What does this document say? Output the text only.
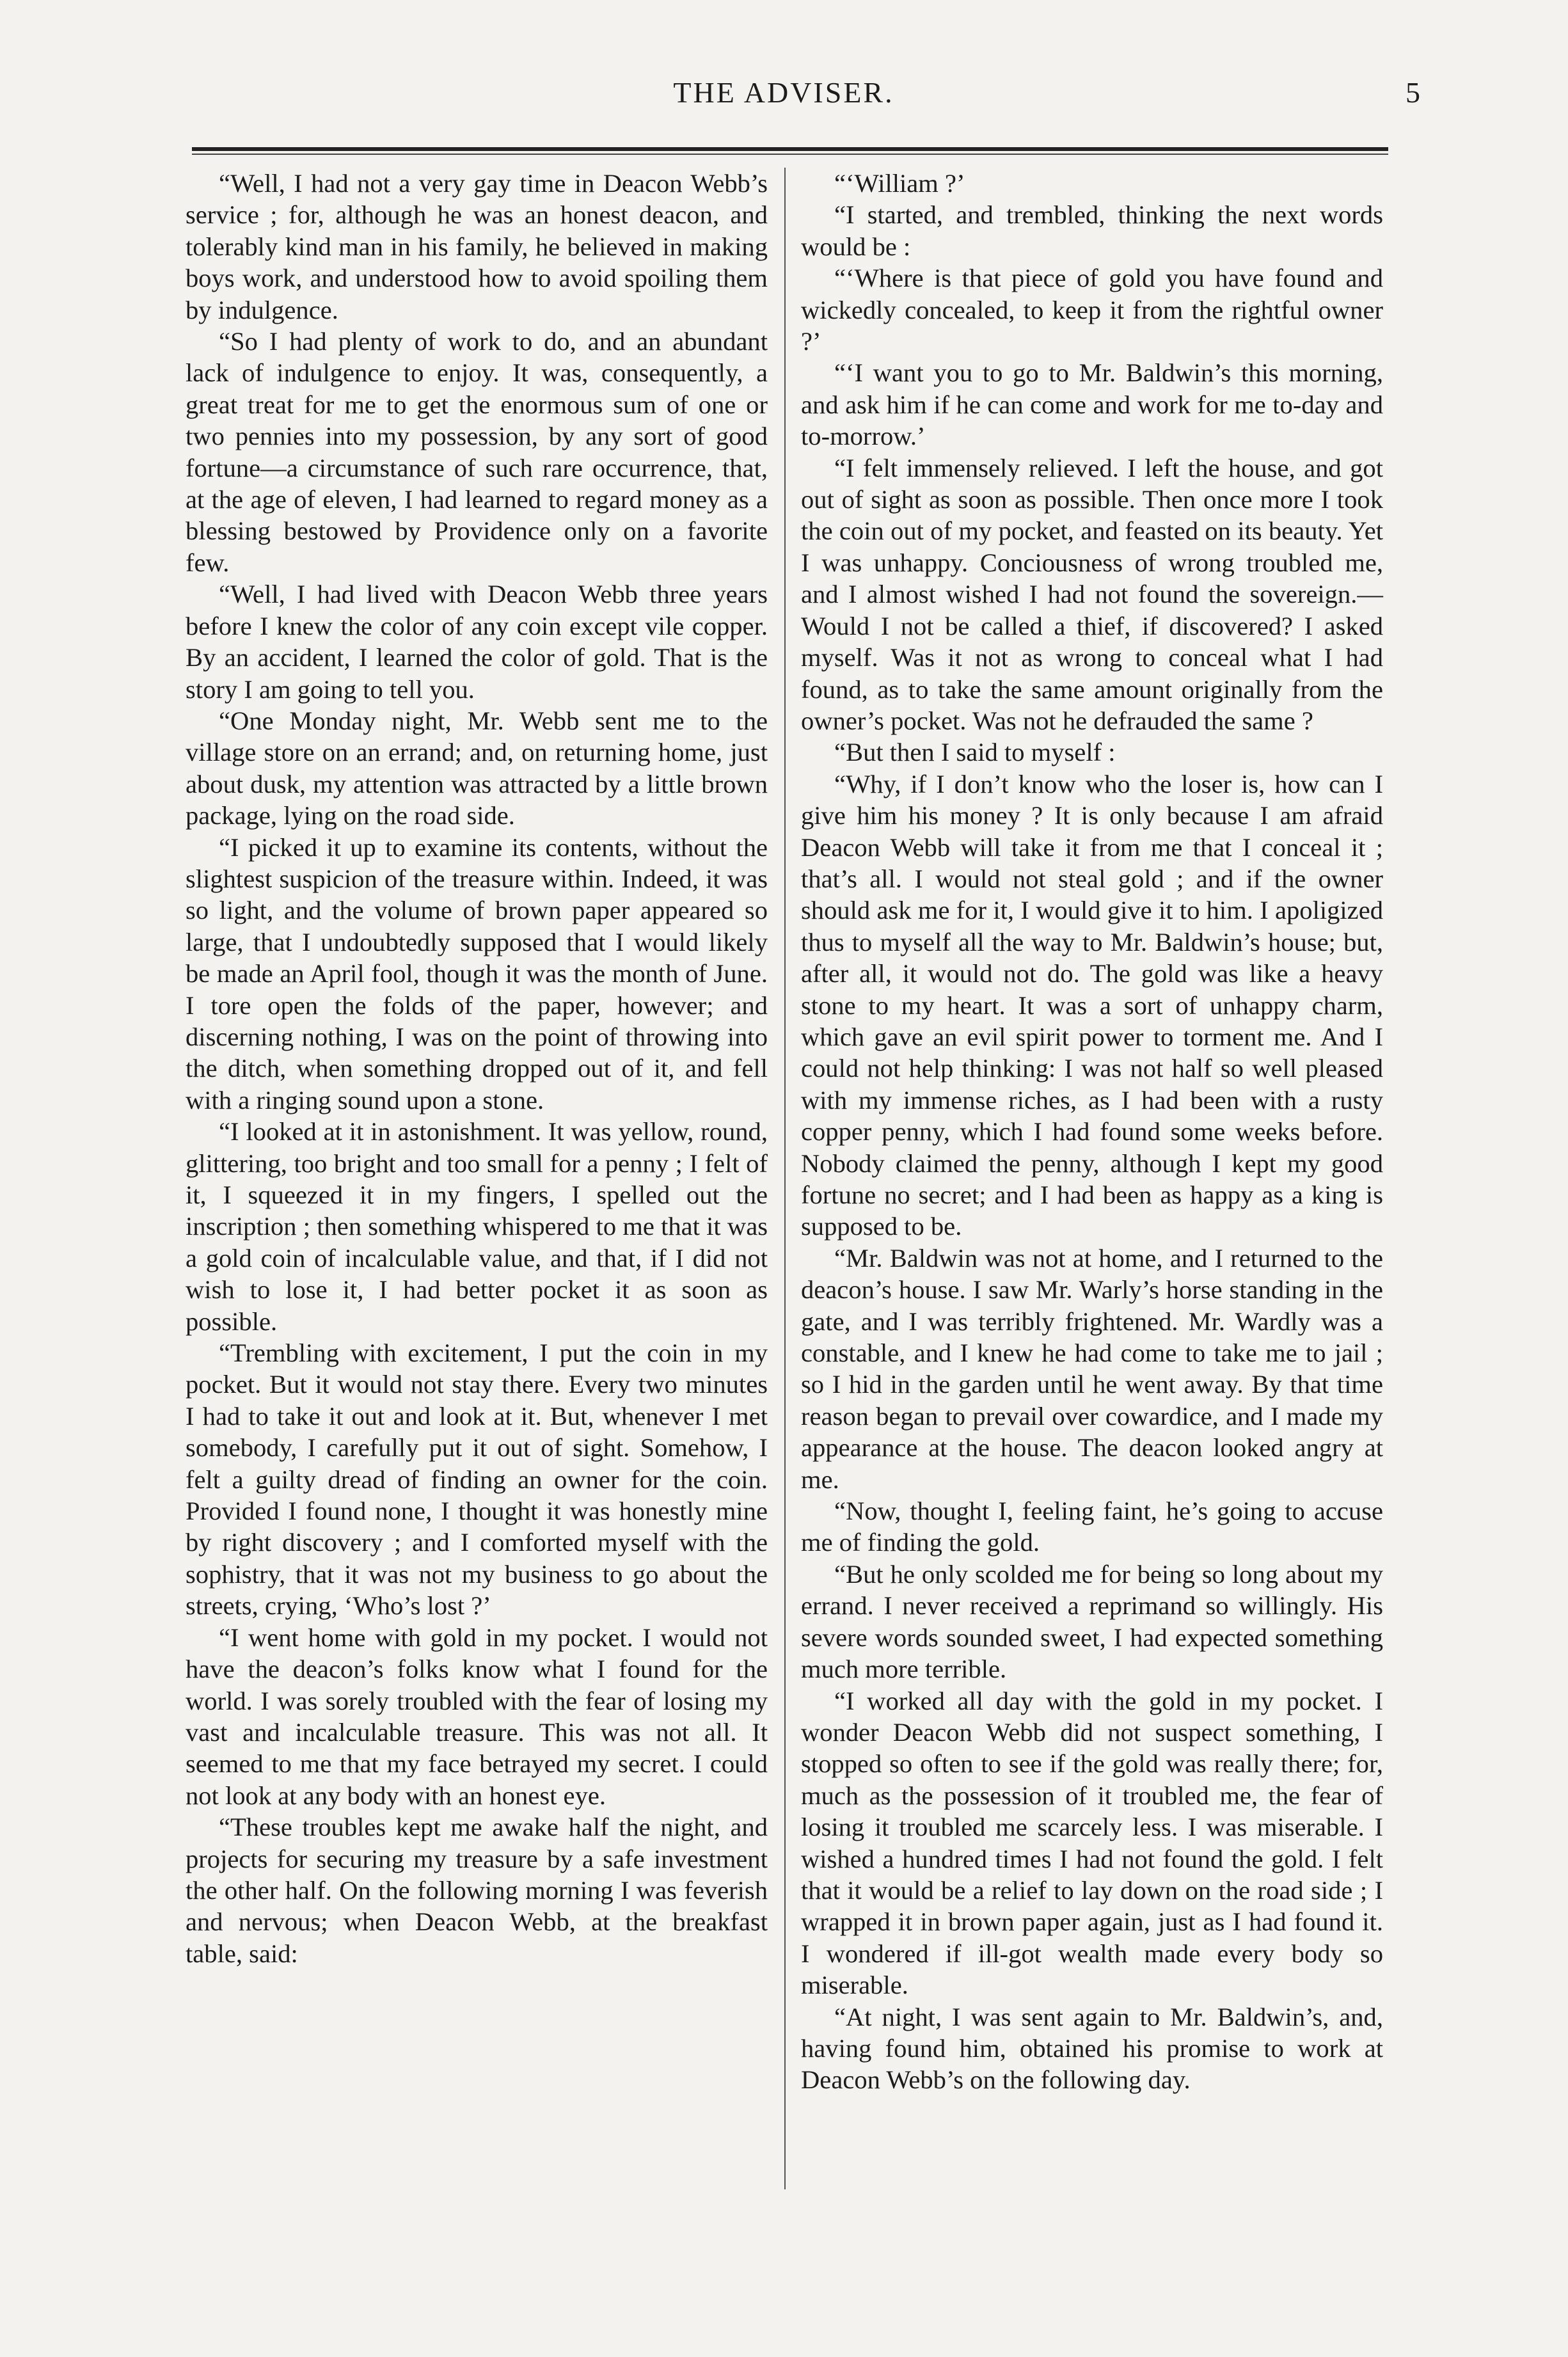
THE ADVISER.	5

“Well, I had not a very gay time in Deacon Webb’s service ; for, although he was an honest deacon, and tolerably kind man in his family, he believed in making boys work, and understood how to avoid spoiling them by indulgence.

“So I had plenty of work to do, and an abundant lack of indulgence to enjoy. It was, consequently, a great treat for me to get the enormous sum of one or two pennies into my possession, by any sort of good fortune—a circumstance of such rare occurrence, that, at the age of eleven, I had learned to regard money as a blessing bestowed by Providence only on a favorite few.

“Well, I had lived with Deacon Webb three years before I knew the color of any coin except vile copper. By an accident, I learned the color of gold. That is the story I am going to tell you.

“One Monday night, Mr. Webb sent me to the village store on an errand; and, on returning home, just about dusk, my attention was attracted by a little brown package, lying on the road side.

“I picked it up to examine its contents, without the slightest suspicion of the treasure within. Indeed, it was so light, and the volume of brown paper appeared so large, that I undoubtedly supposed that I would likely be made an April fool, though it was the month of June. I tore open the folds of the paper, however; and discerning nothing, I was on the point of throwing into the ditch, when something dropped out of it, and fell with a ringing sound upon a stone.

“I looked at it in astonishment. It was yellow, round, glittering, too bright and too small for a penny ; I felt of it, I squeezed it in my fingers, I spelled out the inscription ; then something whispered to me that it was a gold coin of incalculable value, and that, if I did not wish to lose it, I had better pocket it as soon as possible.

“Trembling with excitement, I put the coin in my pocket. But it would not stay there. Every two minutes I had to take it out and look at it. But, whenever I met somebody, I carefully put it out of sight. Somehow, I felt a guilty dread of finding an owner for the coin. Provided I found none, I thought it was honestly mine by right discovery ; and I comforted myself with the sophistry, that it was not my business to go about the streets, crying, ‘Who’s lost ?’

“I went home with gold in my pocket. I would not have the deacon’s folks know what I found for the world. I was sorely troubled with the fear of losing my vast and incalculable treasure. This was not all. It seemed to me that my face betrayed my secret. I could not look at any body with an honest eye.

“These troubles kept me awake half the night, and projects for securing my treasure by a safe investment the other half. On the following morning I was feverish and nervous; when Deacon Webb, at the breakfast table, said:

“‘William ?’

“I started, and trembled, thinking the next words would be :

“‘Where is that piece of gold you have found and wickedly concealed, to keep it from the rightful owner ?’

“‘I want you to go to Mr. Baldwin’s this morning, and ask him if he can come and work for me to-day and to-morrow.’

“I felt immensely relieved. I left the house, and got out of sight as soon as possible. Then once more I took the coin out of my pocket, and feasted on its beauty. Yet I was unhappy. Conciousness of wrong troubled me, and I almost wished I had not found the sovereign.—Would I not be called a thief, if discovered? I asked myself. Was it not as wrong to conceal what I had found, as to take the same amount originally from the owner’s pocket. Was not he defrauded the same ?

“But then I said to myself :

“Why, if I don’t know who the loser is, how can I give him his money ? It is only because I am afraid Deacon Webb will take it from me that I conceal it ; that’s all. I would not steal gold ; and if the owner should ask me for it, I would give it to him. I apoligized thus to myself all the way to Mr. Baldwin’s house; but, after all, it would not do. The gold was like a heavy stone to my heart. It was a sort of unhappy charm, which gave an evil spirit power to torment me. And I could not help thinking: I was not half so well pleased with my immense riches, as I had been with a rusty copper penny, which I had found some weeks before. Nobody claimed the penny, although I kept my good fortune no secret; and I had been as happy as a king is supposed to be.

“Mr. Baldwin was not at home, and I returned to the deacon’s house. I saw Mr. Warly’s horse standing in the gate, and I was terribly frightened. Mr. Wardly was a constable, and I knew he had come to take me to jail ; so I hid in the garden until he went away. By that time reason began to prevail over cowardice, and I made my appearance at the house. The deacon looked angry at me.

“Now, thought I, feeling faint, he’s going to accuse me of finding the gold.

“But he only scolded me for being so long about my errand. I never received a reprimand so willingly. His severe words sounded sweet, I had expected something much more terrible.

“I worked all day with the gold in my pocket. I wonder Deacon Webb did not suspect something, I stopped so often to see if the gold was really there; for, much as the possession of it troubled me, the fear of losing it troubled me scarcely less. I was miserable. I wished a hundred times I had not found the gold. I felt that it would be a relief to lay down on the road side ; I wrapped it in brown paper again, just as I had found it. I wondered if ill-got wealth made every body so miserable.

“At night, I was sent again to Mr. Baldwin’s, and, having found him, obtained his promise to work at Deacon Webb’s on the following day.
